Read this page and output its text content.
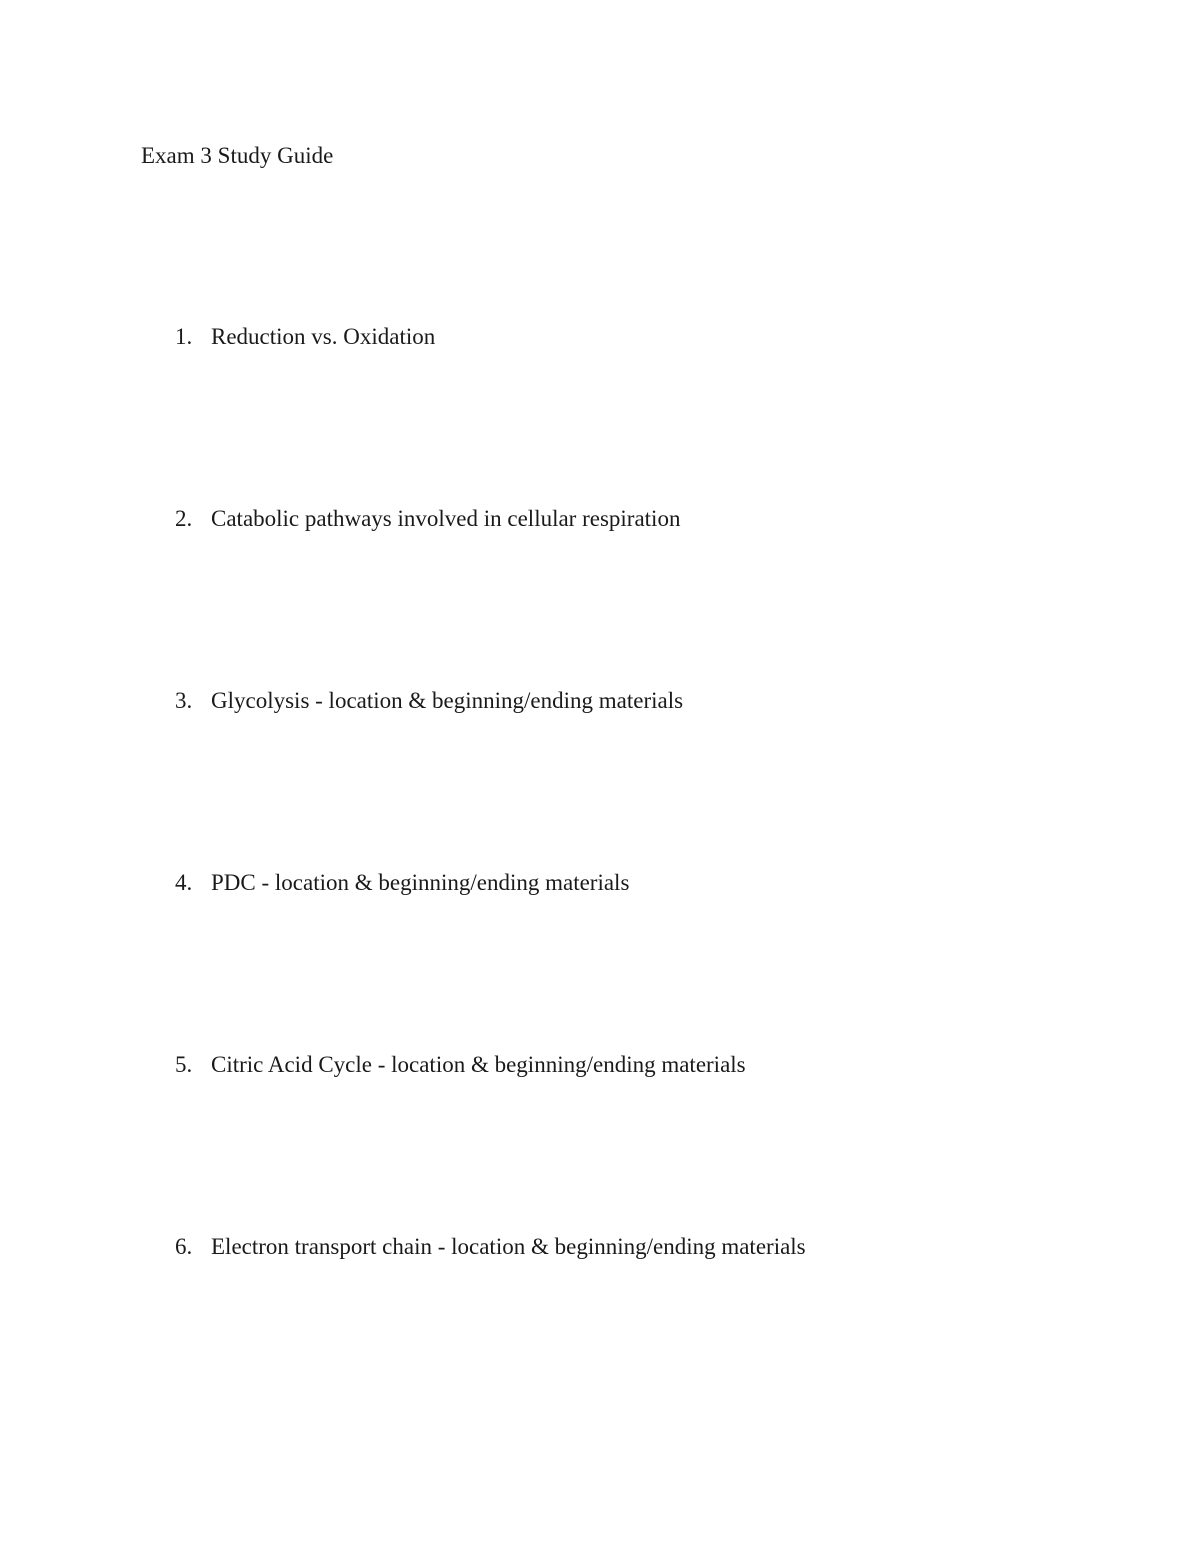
Exam 3 Study Guide
1. Reduction vs. Oxidation
2. Catabolic pathways involved in cellular respiration
3. Glycolysis - location & beginning/ending materials
4. PDC - location & beginning/ending materials
5. Citric Acid Cycle - location & beginning/ending materials
6. Electron transport chain - location & beginning/ending materials
